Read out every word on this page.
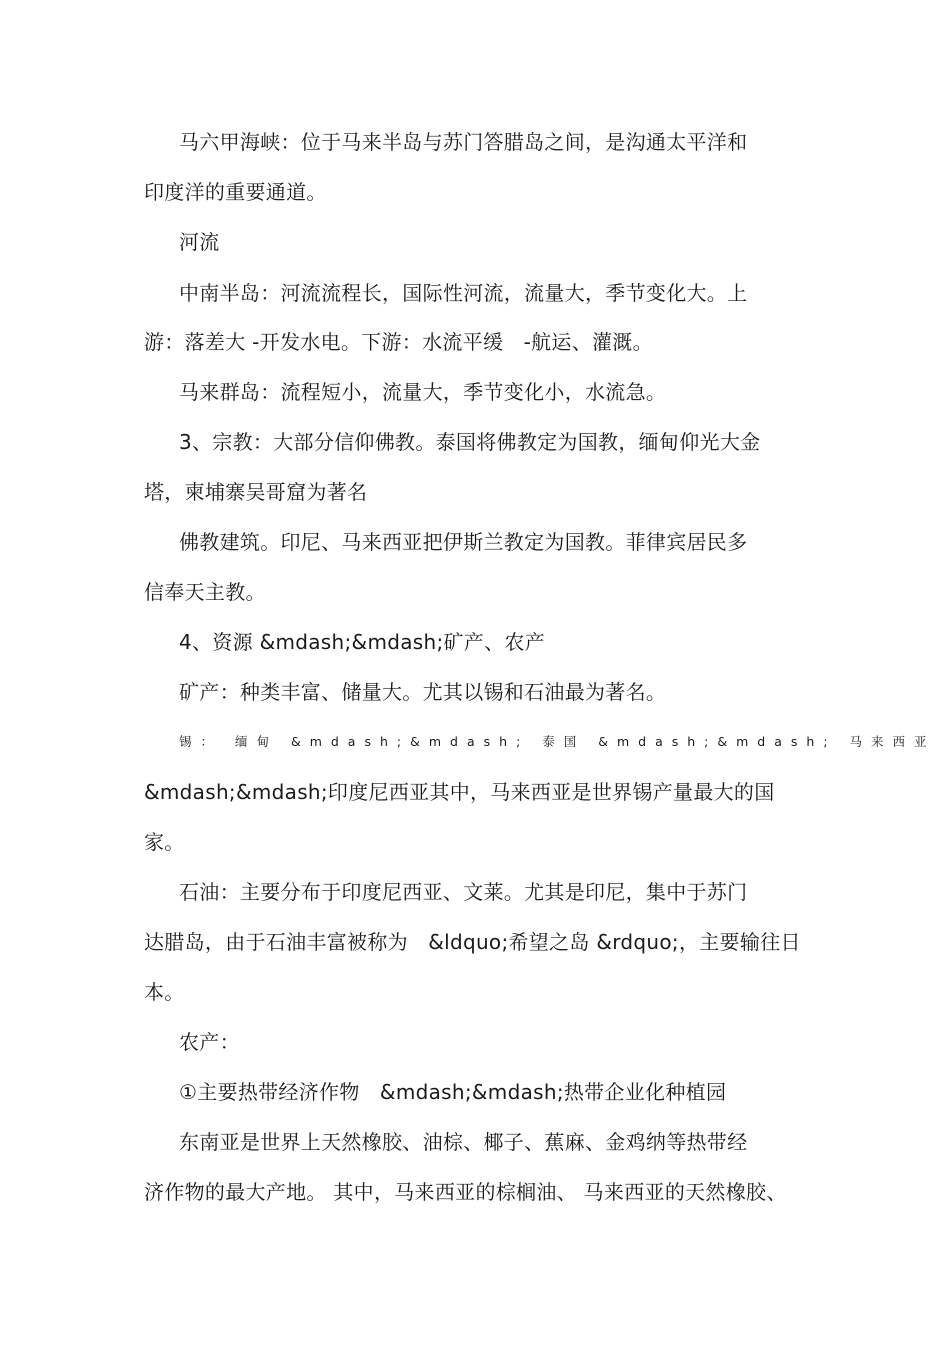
马六甲海峡：位于马来半岛与苏门答腊岛之间，是沟通太平洋和
印度洋的重要通道。
河流
中南半岛：河流流程长，国际性河流，流量大，季节变化大。上
游：落差大 -开发水电。下游：水流平缓　-航运、灌溉。
马来群岛：流程短小，流量大，季节变化小，水流急。
3、宗教：大部分信仰佛教。泰国将佛教定为国教，缅甸仰光大金
塔，柬埔寨吴哥窟为著名
佛教建筑。印尼、马来西亚把伊斯兰教定为国教。菲律宾居民多
信奉天主教。
4、资源 &mdash;&mdash;矿产、农产
矿产：种类丰富、储量大。尤其以锡和石油最为著名。
锡： 缅甸 &mdash;&mdash; 泰国 &mdash;&mdash; 马来西亚
&mdash;&mdash;印度尼西亚其中，马来西亚是世界锡产量最大的国
家。
石油：主要分布于印度尼西亚、文莱。尤其是印尼，集中于苏门
达腊岛，由于石油丰富被称为　&ldquo;希望之岛 &rdquo;，主要输往日
本。
农产：
①主要热带经济作物　&mdash;&mdash;热带企业化种植园
东南亚是世界上天然橡胶、油棕、椰子、蕉麻、金鸡纳等热带经
济作物的最大产地。 其中，马来西亚的棕榈油、 马来西亚的天然橡胶、
